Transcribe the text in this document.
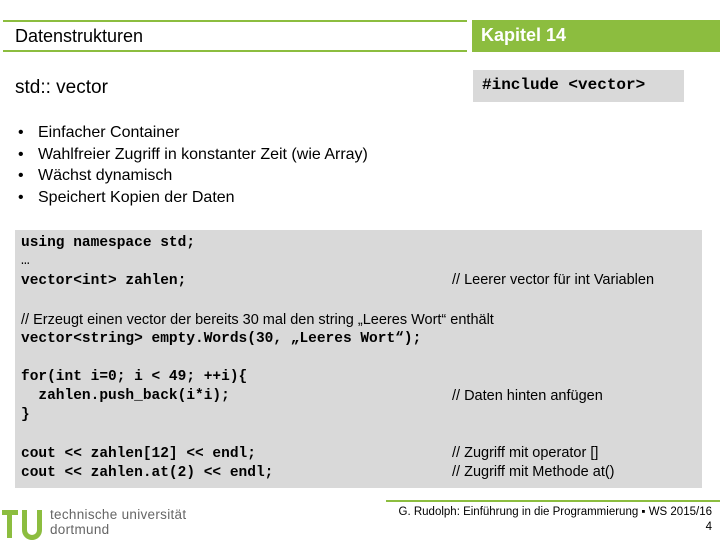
Datenstrukturen	Kapitel 14
std:: vector	#include <vector>
• Einfacher Container
• Wahlfreier Zugriff in konstanter Zeit (wie Array)
• Wächst dynamisch
• Speichert Kopien der Daten
using namespace std;
…
vector<int> zahlen;	// Leerer vector für int Variablen
// Erzeugt einen vector der bereits 30 mal den string „Leeres Wort“ enthält
vector<string> empty.Words(30, „Leeres Wort“);
for(int i=0; i < 49; ++i){
zahlen.push_back(i*i);	// Daten hinten anfügen
}
cout << zahlen[12] << endl;	// Zugriff mit operator []
cout << zahlen.at(2) << endl;	// Zugriff mit Methode at()
G. Rudolph: Einführung in die Programmierung ▪ WS 2015/16
4
technische universität
dortmund
